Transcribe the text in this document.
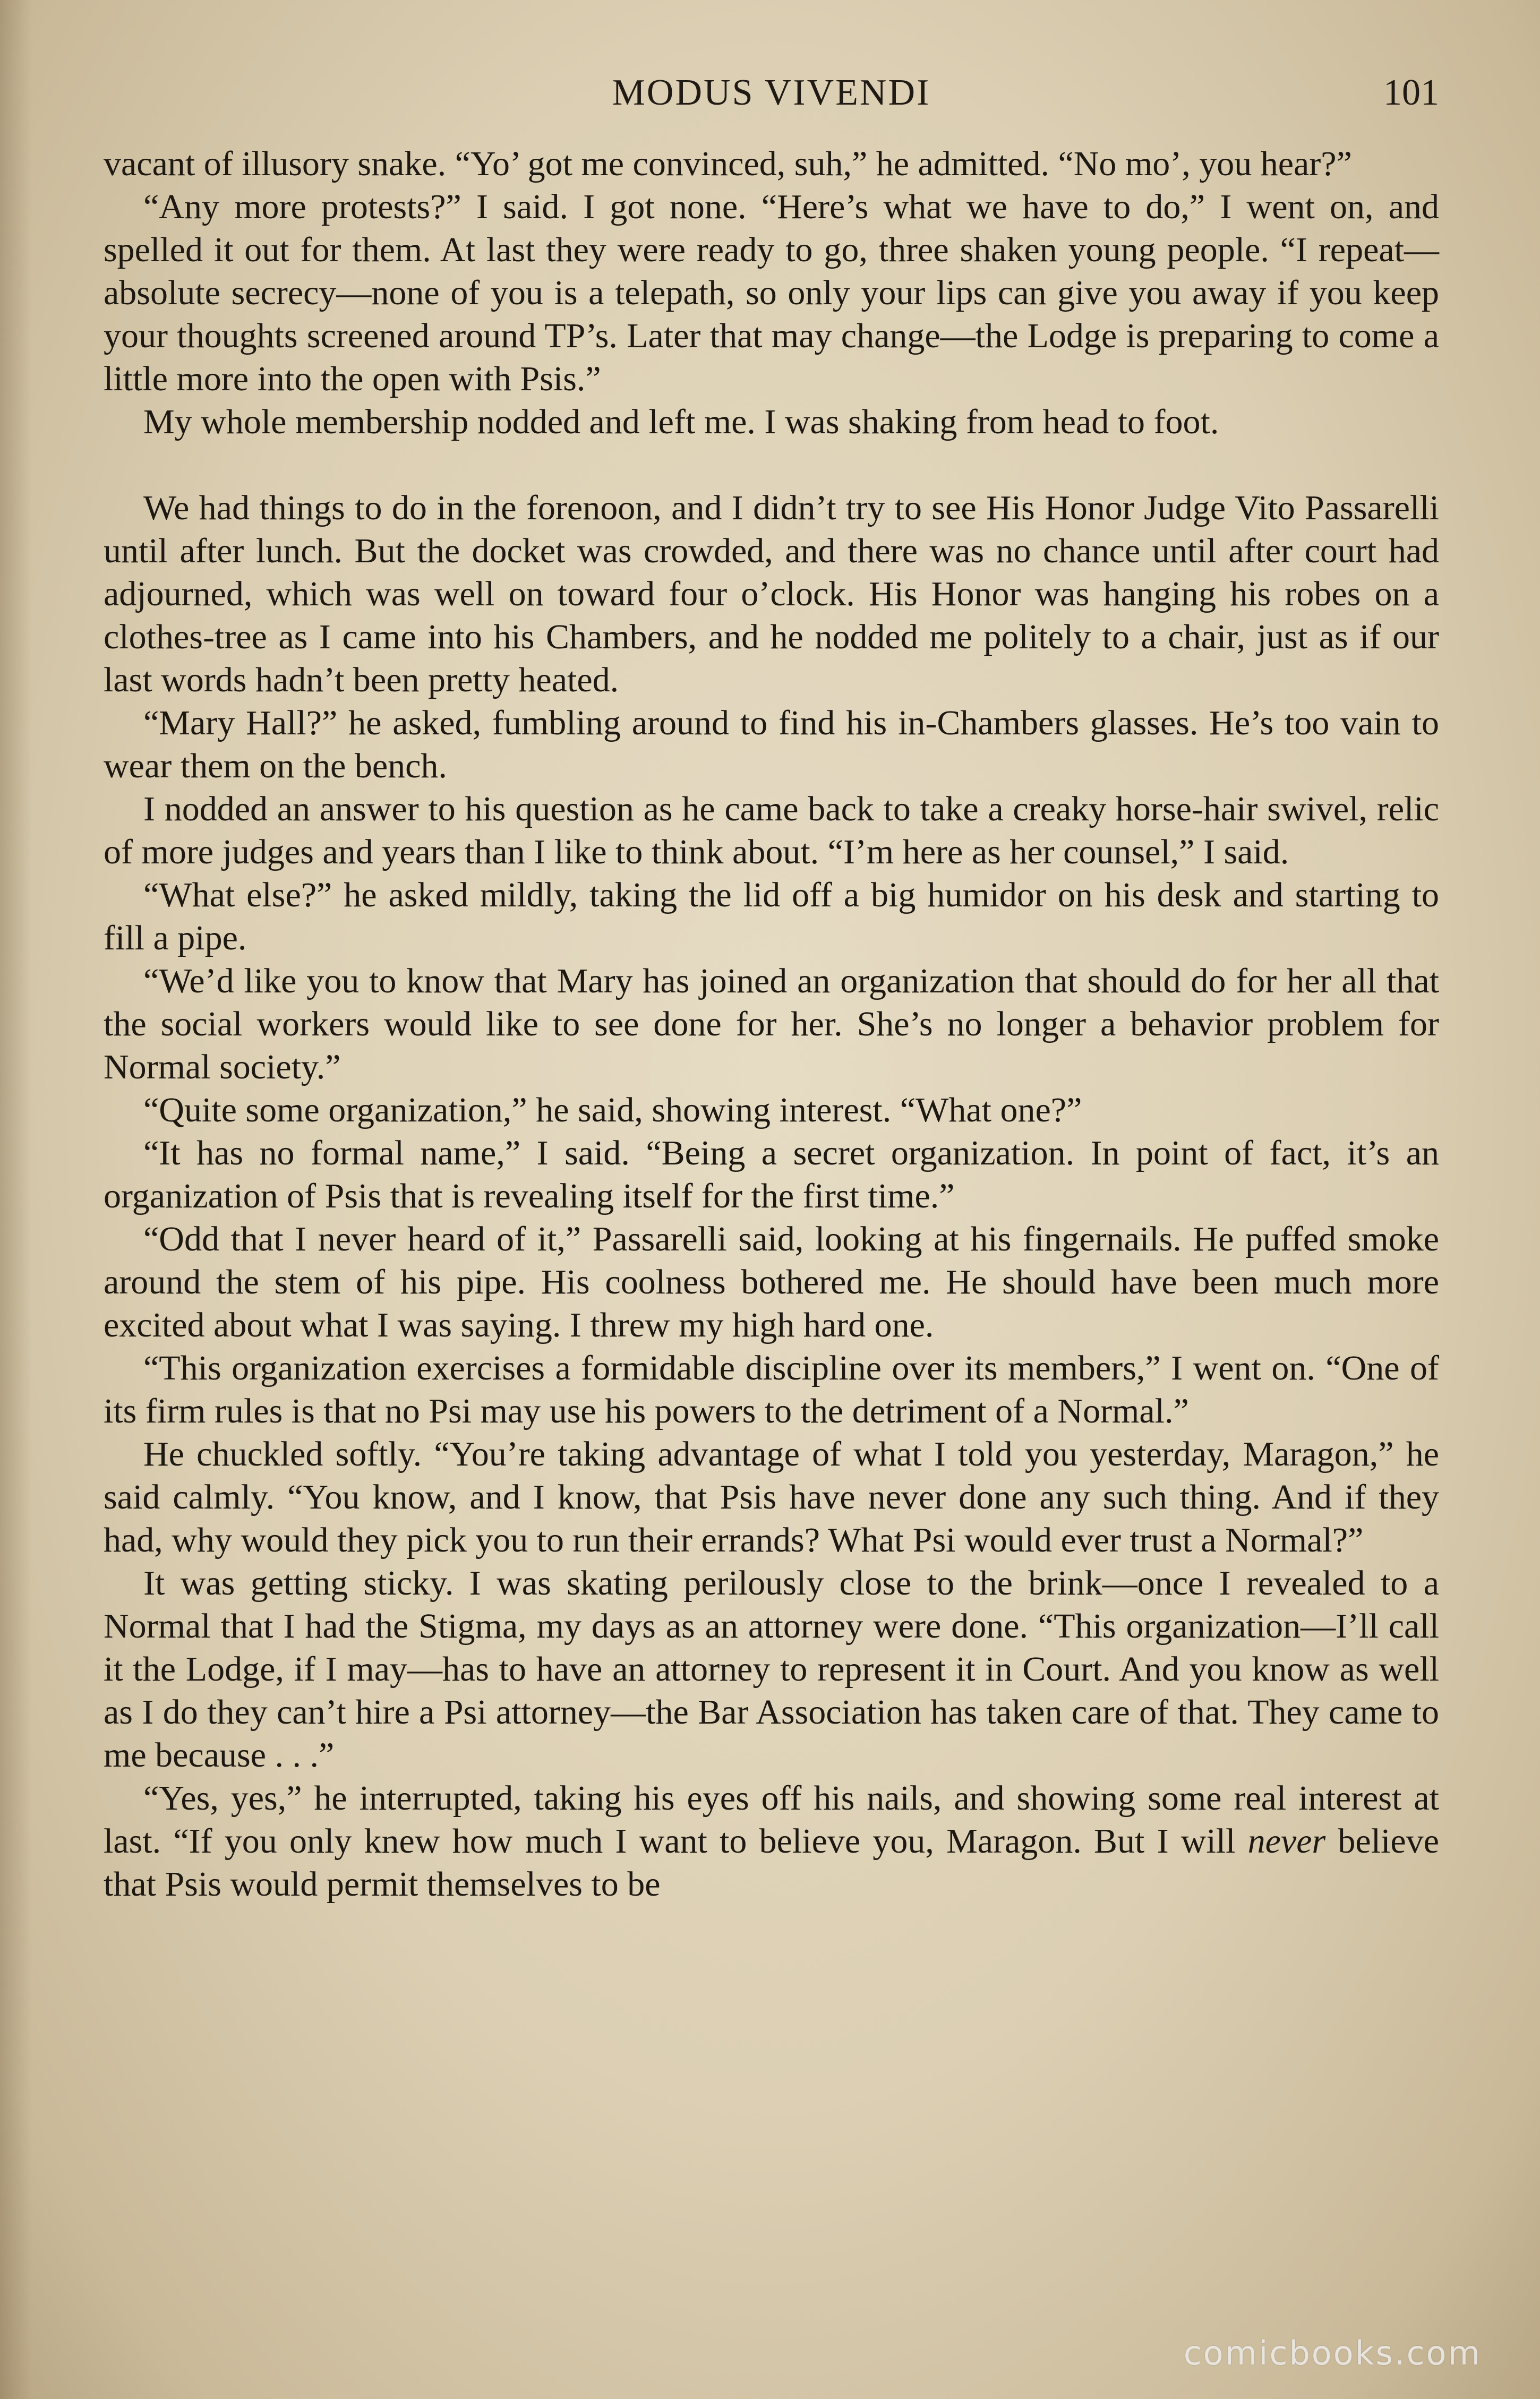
MODUS VIVENDI	101

vacant of illusory snake. “Yo’ got me convinced, suh,” he admitted. “No mo’, you hear?”

“Any more protests?” I said. I got none. “Here’s what we have to do,” I went on, and spelled it out for them. At last they were ready to go, three shaken young people. “I repeat—absolute secrecy—none of you is a telepath, so only your lips can give you away if you keep your thoughts screened around TP’s. Later that may change—the Lodge is preparing to come a little more into the open with Psis.”

My whole membership nodded and left me. I was shaking from head to foot.

We had things to do in the forenoon, and I didn’t try to see His Honor Judge Vito Passarelli until after lunch. But the docket was crowded, and there was no chance until after court had adjourned, which was well on toward four o’clock. His Honor was hanging his robes on a clothes-tree as I came into his Chambers, and he nodded me politely to a chair, just as if our last words hadn’t been pretty heated.

“Mary Hall?” he asked, fumbling around to find his in-Chambers glasses. He’s too vain to wear them on the bench.

I nodded an answer to his question as he came back to take a creaky horse-hair swivel, relic of more judges and years than I like to think about. “I’m here as her counsel,” I said.

“What else?” he asked mildly, taking the lid off a big humidor on his desk and starting to fill a pipe.

“We’d like you to know that Mary has joined an organization that should do for her all that the social workers would like to see done for her. She’s no longer a behavior problem for Normal society.”

“Quite some organization,” he said, showing interest. “What one?”

“It has no formal name,” I said. “Being a secret organization. In point of fact, it’s an organization of Psis that is revealing itself for the first time.”

“Odd that I never heard of it,” Passarelli said, looking at his fingernails. He puffed smoke around the stem of his pipe. His coolness bothered me. He should have been much more excited about what I was saying. I threw my high hard one.

“This organization exercises a formidable discipline over its members,” I went on. “One of its firm rules is that no Psi may use his powers to the detriment of a Normal.”

He chuckled softly. “You’re taking advantage of what I told you yesterday, Maragon,” he said calmly. “You know, and I know, that Psis have never done any such thing. And if they had, why would they pick you to run their errands? What Psi would ever trust a Normal?”

It was getting sticky. I was skating perilously close to the brink—once I revealed to a Normal that I had the Stigma, my days as an attorney were done. “This organization—I’ll call it the Lodge, if I may—has to have an attorney to represent it in Court. And you know as well as I do they can’t hire a Psi attorney—the Bar Association has taken care of that. They came to me because . . .”

“Yes, yes,” he interrupted, taking his eyes off his nails, and showing some real interest at last. “If you only knew how much I want to believe you, Maragon. But I will never believe that Psis would permit themselves to be

comicbooks.com
